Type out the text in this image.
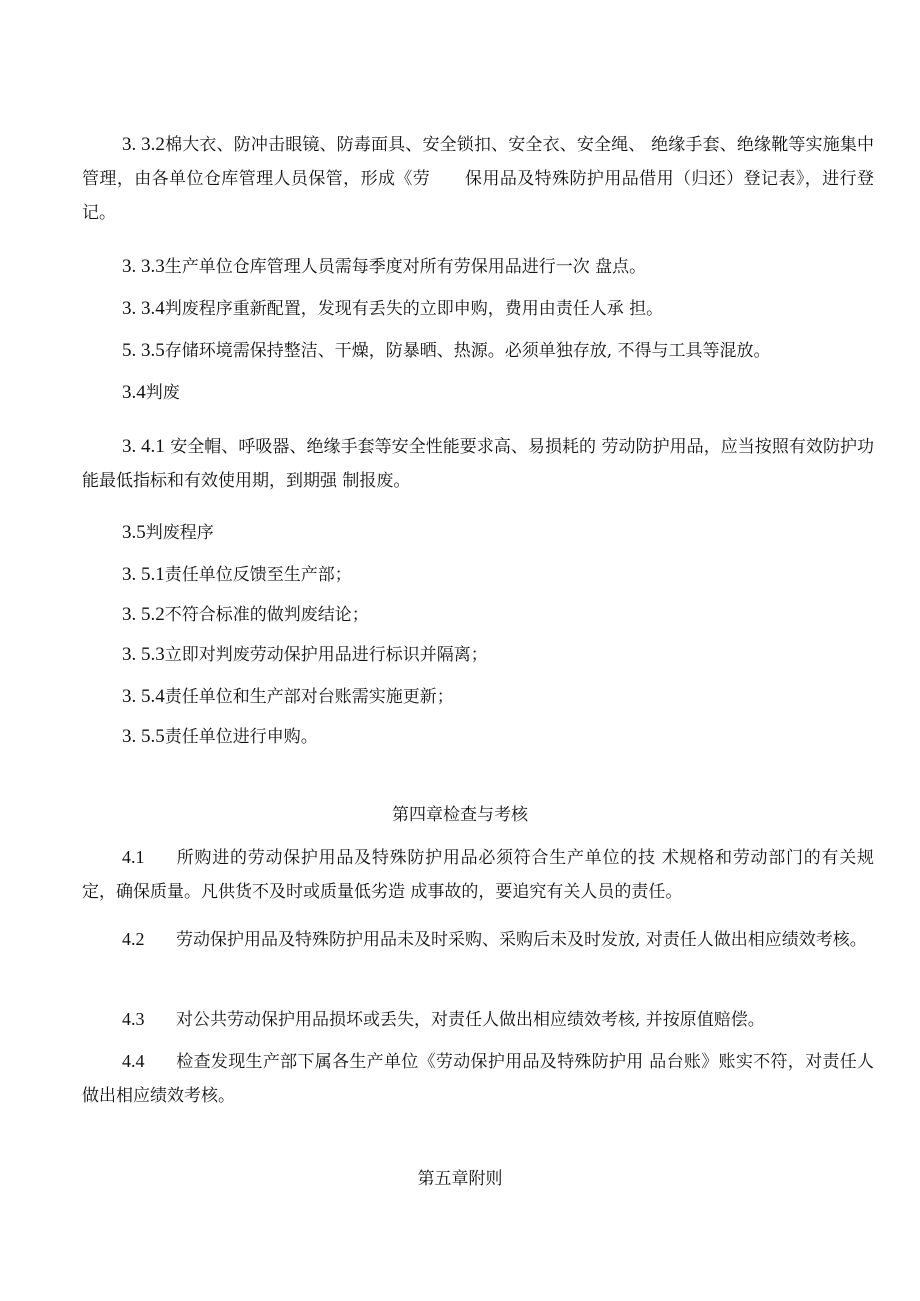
3. 3.2棉大衣、防冲击眼镜、防毒面具、安全锁扣、安全衣、安全绳、 绝缘手套、绝缘靴等实施集中管理，由各单位仓库管理人员保管，形成《劳　　保用品及特殊防护用品借用（归还）登记表》，进行登记。

3. 3.3生产单位仓库管理人员需每季度对所有劳保用品进行一次 盘点。

3. 3.4判废程序重新配置，发现有丢失的立即申购，费用由责任人承 担。

5. 3.5存储环境需保持整洁、干燥，防暴晒、热源。必须单独存放, 不得与工具等混放。

3.4判废

3. 4.1 安全帽、呼吸器、绝缘手套等安全性能要求高、易损耗的 劳动防护用品，应当按照有效防护功能最低指标和有效使用期，到期强 制报废。

3.5判废程序

3. 5.1责任单位反馈至生产部；

3. 5.2不符合标准的做判废结论；

3. 5.3立即对判废劳动保护用品进行标识并隔离；

3. 5.4责任单位和生产部对台账需实施更新；

3. 5.5责任单位进行申购。

第四章检查与考核

4.1 所购进的劳动保护用品及特殊防护用品必须符合生产单位的技 术规格和劳动部门的有关规定，确保质量。凡供货不及时或质量低劣造 成事故的，要追究有关人员的责任。

4.2 劳动保护用品及特殊防护用品未及时采购、采购后未及时发放, 对责任人做出相应绩效考核。

4.3 对公共劳动保护用品损坏或丢失，对责任人做出相应绩效考核, 并按原值赔偿。

4.4 检查发现生产部下属各生产单位《劳动保护用品及特殊防护用 品台账》账实不符，对责任人做出相应绩效考核。

第五章附则
